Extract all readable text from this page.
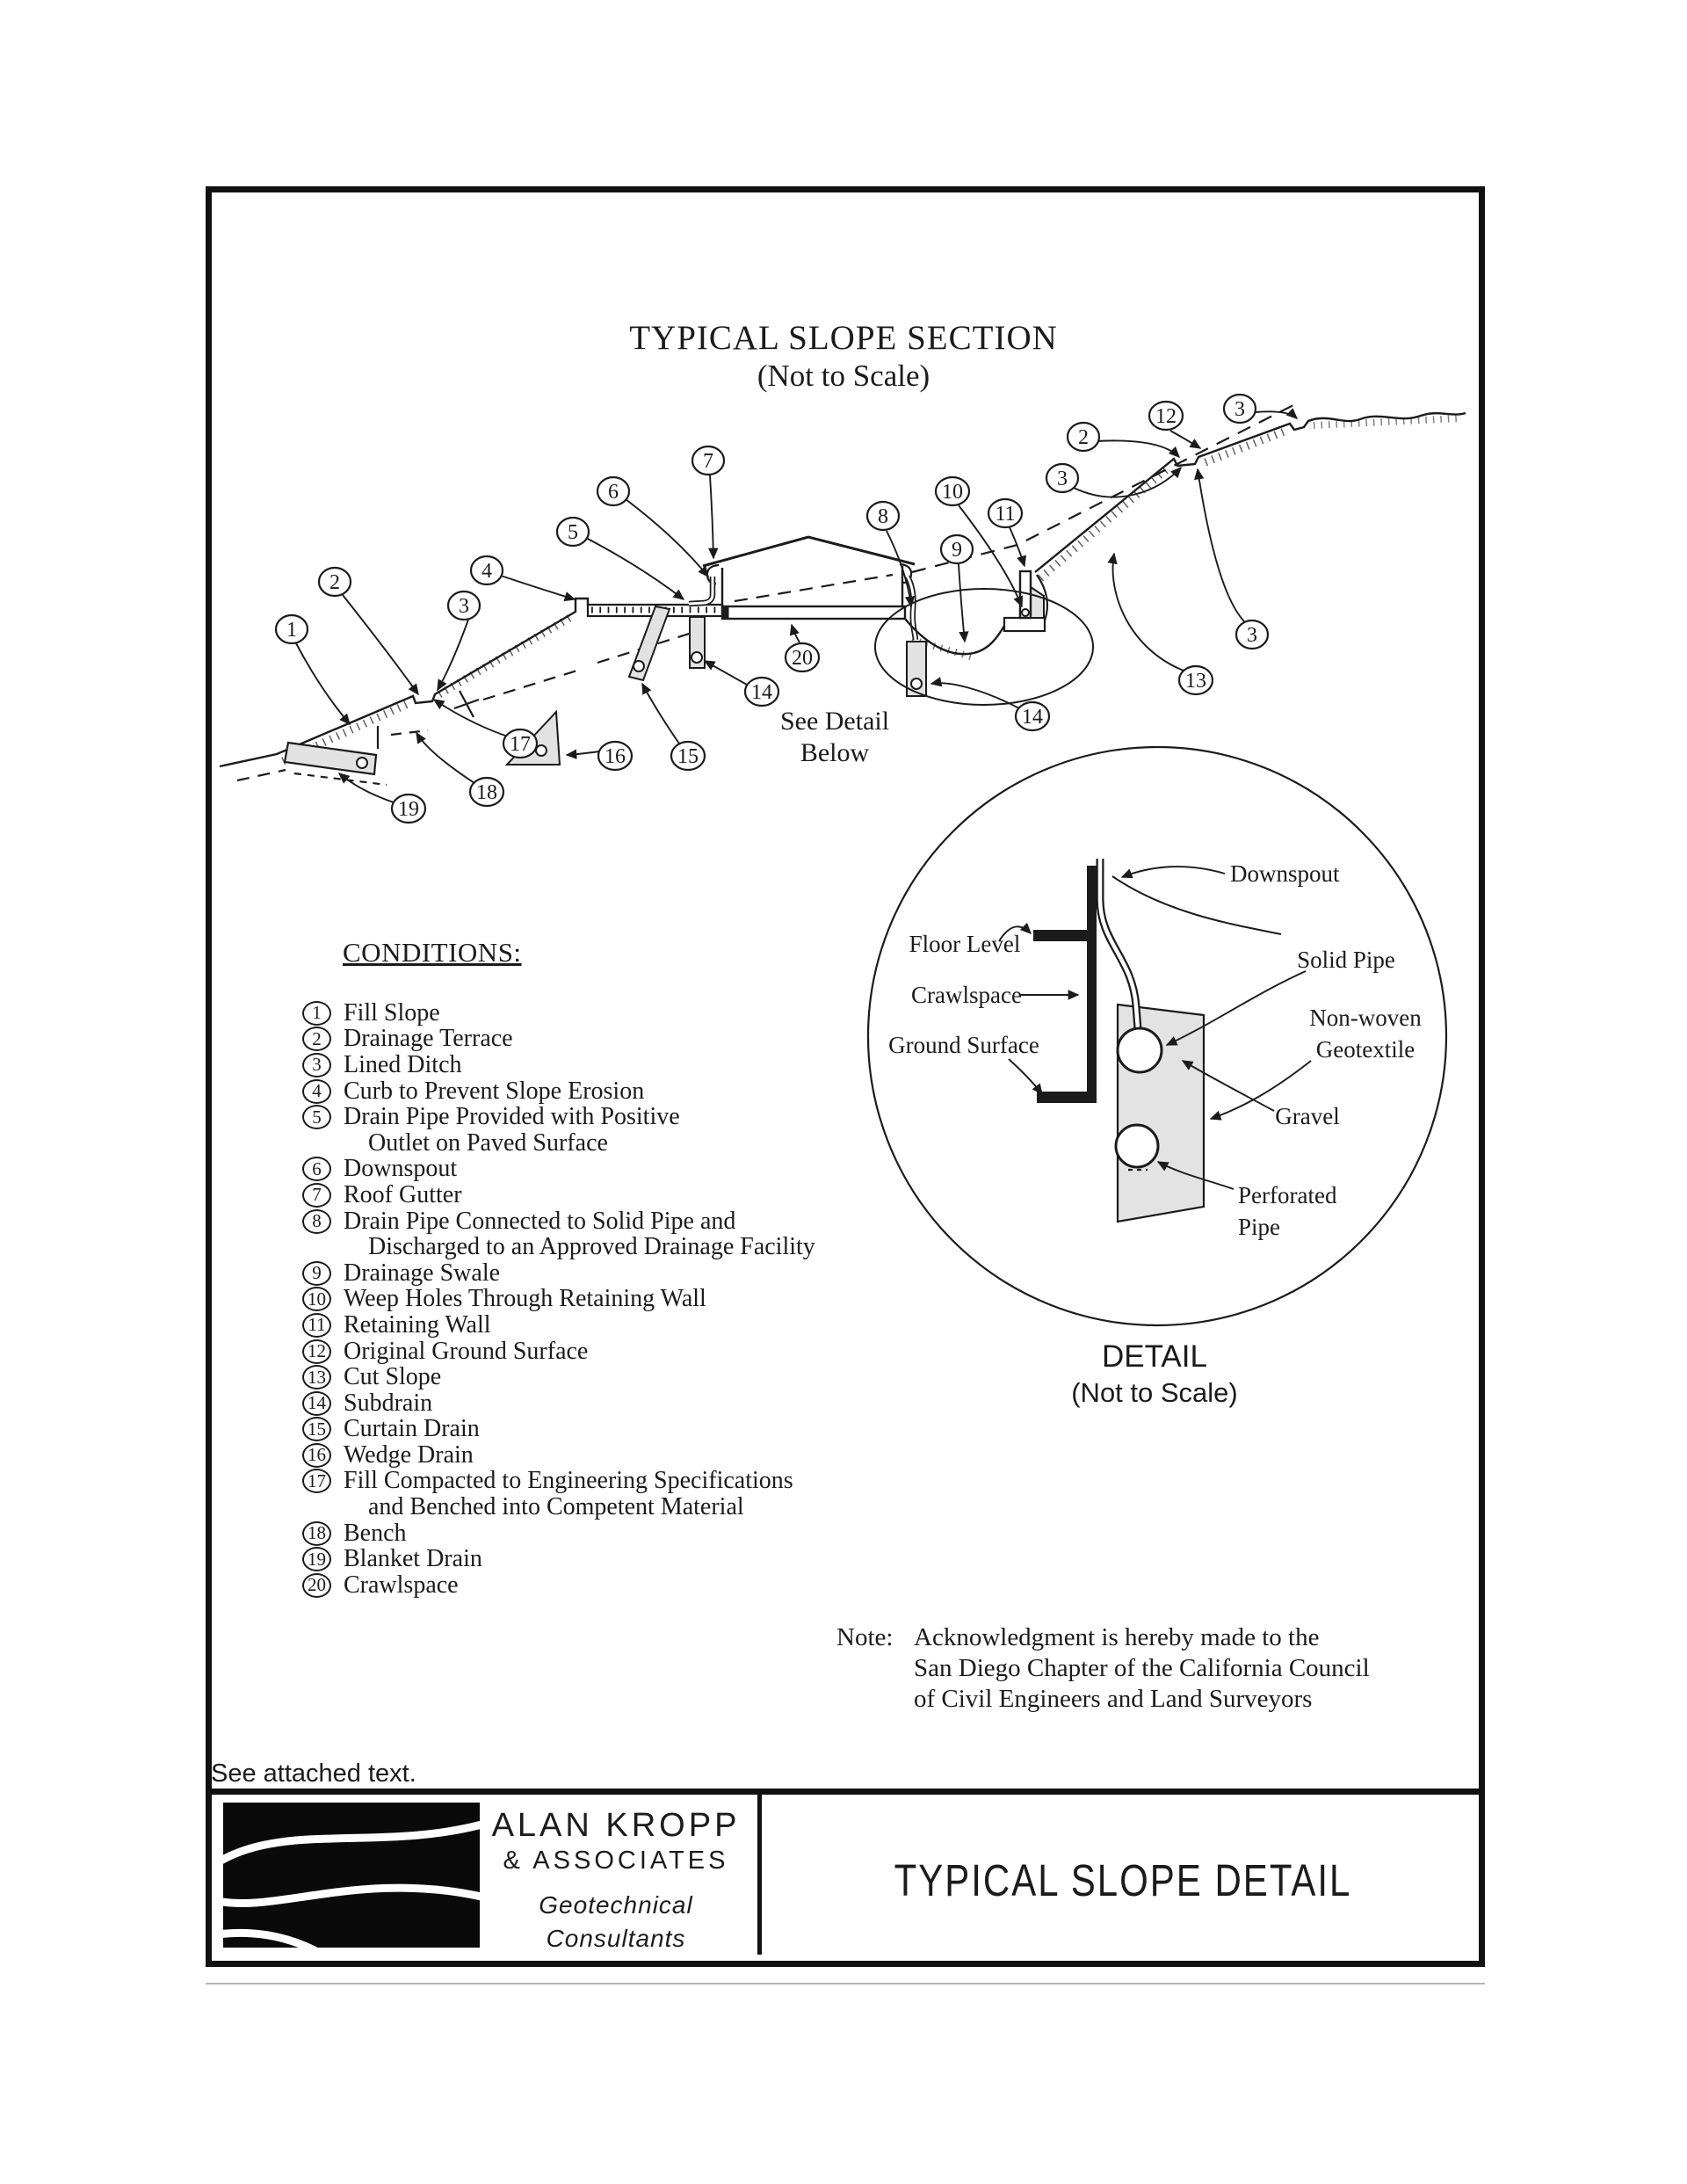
TYPICAL SLOPE SECTION
(Not to Scale)
1
2
3
4
5
6
7
8
9
10
11
2
3
12	3
3
13
14
15
16
17
18
19
20
14
See Detail
Below
Downspout
Floor Level
Crawlspace
Ground Surface
Solid Pipe
Non-woven
Geotextile
Gravel
Perforated
Pipe
DETAIL
(Not to Scale)
CONDITIONS:
1 Fill Slope
2 Drainage Terrace
3 Lined Ditch
4 Curb to Prevent Slope Erosion
5 Drain Pipe Provided with Positive
Outlet on Paved Surface
6 Downspout
7 Roof Gutter
8 Drain Pipe Connected to Solid Pipe and
Discharged to an Approved Drainage Facility
9 Drainage Swale
10 Weep Holes Through Retaining Wall
11 Retaining Wall
12 Original Ground Surface
13 Cut Slope
14 Subdrain
15 Curtain Drain
16 Wedge Drain
17 Fill Compacted to Engineering Specifications
and Benched into Competent Material
18 Bench
19 Blanket Drain
20 Crawlspace
Note: Acknowledgment is hereby made to the
San Diego Chapter of the California Council
of Civil Engineers and Land Surveyors
See attached text.
ALAN KROPP
& ASSOCIATES
Geotechnical
Consultants
TYPICAL SLOPE DETAIL
